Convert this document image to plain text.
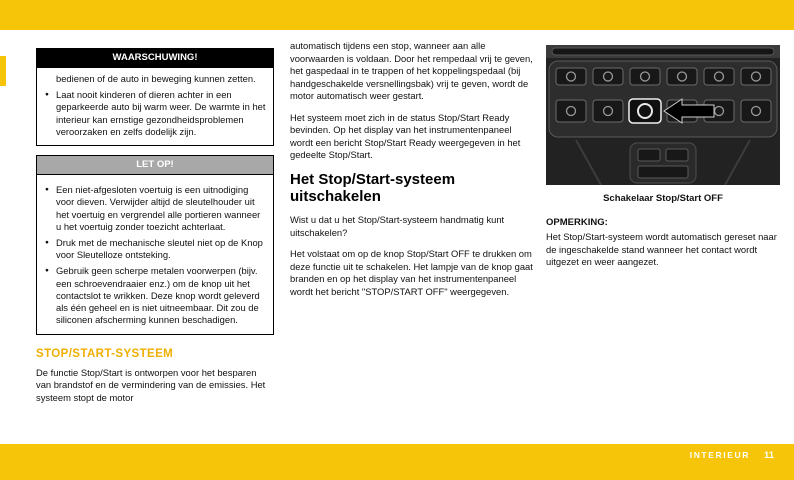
WAARSCHUWING!

bedienen of de auto in beweging kunnen zetten.

● Laat nooit kinderen of dieren achter in een geparkeerde auto bij warm weer. De warmte in het interieur kan ernstige gezondheidsproblemen veroorzaken en zelfs dodelijk zijn.
LET OP!
● Een niet-afgesloten voertuig is een uitnodiging voor dieven. Verwijder altijd de sleutelhouder uit het voertuig en vergrendel alle portieren wanneer u het voertuig zonder toezicht achterlaat.
● Druk met de mechanische sleutel niet op de Knop voor Sleutelloze ontsteking.
● Gebruik geen scherpe metalen voorwerpen (bijv. een schroevendraaier enz.) om de knop uit het contactslot te wrikken. Deze knop wordt geleverd als één geheel en is niet uitneembaar. Dit zou de siliconen afscherming kunnen beschadigen.
STOP/START-SYSTEEM

De functie Stop/Start is ontworpen voor het besparen van brandstof en de vermindering van de emissies. Het systeem stopt de motor

automatisch tijdens een stop, wanneer aan alle voorwaarden is voldaan. Door het rempedaal vrij te geven, het gaspedaal in te trappen of het koppelingspedaal (bij handgeschakelde versnellingsbak) vrij te geven, wordt de motor automatisch weer gestart.

Het systeem moet zich in de status Stop/Start Ready bevinden. Op het display van het instrumentenpaneel wordt een bericht Stop/Start Ready weergegeven in het gedeelte Stop/Start.

Het Stop/Start-systeem uitschakelen

Wist u dat u het Stop/Start-systeem handmatig kunt uitschakelen?

Het volstaat om op de knop Stop/Start OFF te drukken om deze functie uit te schakelen. Het lampje van de knop gaat branden en op het display van het instrumentenpaneel wordt het bericht "STOP/START OFF" weergegeven.

Schakelaar Stop/Start OFF
OPMERKING:

Het Stop/Start-systeem wordt automatisch gereset naar de ingeschakelde stand wanneer het contact wordt uitgezet en weer aangezet.

INTERIEUR 11
